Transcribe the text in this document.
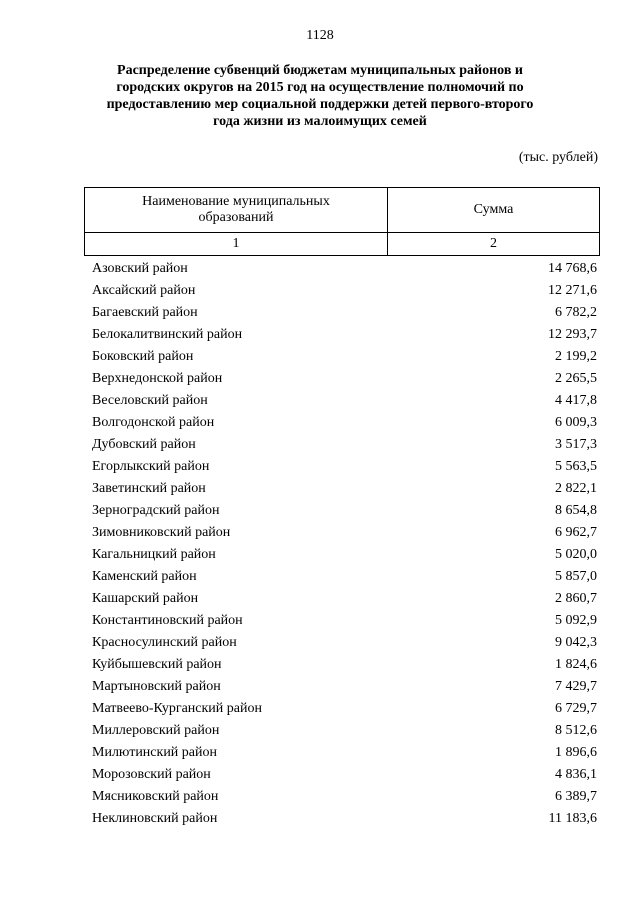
1128
Распределение субвенций бюджетам муниципальных районов и
городских округов на 2015 год на осуществление полномочий по
предоставлению мер социальной поддержки детей первого-второго
года жизни из малоимущих семей
(тыс. рублей)
Наименование муниципальных
образований	Сумма
1	2
Азовский район	14 768,6
Аксайский район	12 271,6
Багаевский район	6 782,2
Белокалитвинский район	12 293,7
Боковский район	2 199,2
Верхнедонской район	2 265,5
Веселовский район	4 417,8
Волгодонской район	6 009,3
Дубовский район	3 517,3
Егорлыкский район	5 563,5
Заветинский район	2 822,1
Зерноградский район	8 654,8
Зимовниковский район	6 962,7
Кагальницкий район	5 020,0
Каменский район	5 857,0
Кашарский район	2 860,7
Константиновский район	5 092,9
Красносулинский район	9 042,3
Куйбышевский район	1 824,6
Мартыновский район	7 429,7
Матвеево-Курганский район	6 729,7
Миллеровский район	8 512,6
Милютинский район	1 896,6
Морозовский район	4 836,1
Мясниковский район	6 389,7
Неклиновский район	11 183,6
